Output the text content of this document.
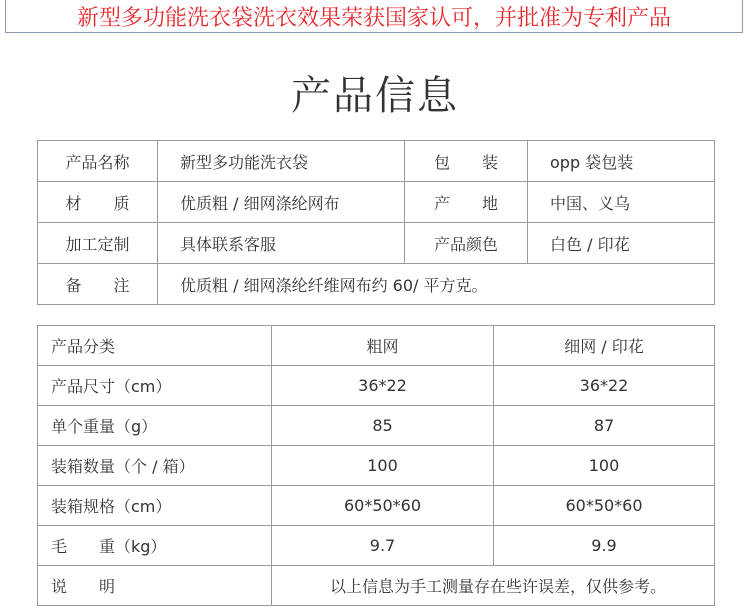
新型多功能洗衣袋洗衣效果荣获国家认可，并批准为专利产品
产品信息
产品名称	新型多功能洗衣袋	包　　装	opp 袋包装
材　　质	优质粗 / 细网涤纶网布	产　　地	中国、义乌
加工定制	具体联系客服	产品颜色	白色 / 印花
备　　注	优质粗 / 细网涤纶纤维网布约 60/ 平方克。		
产品分类	粗网	细网 / 印花
产品尺寸（cm）	36*22	36*22
单个重量（g）	85	87
装箱数量（个 / 箱）	100	100
装箱规格（cm）	60*50*60	60*50*60
毛　　重（kg）	9.7	9.9
说　　明	以上信息为手工测量存在些许误差，仅供参考。	
